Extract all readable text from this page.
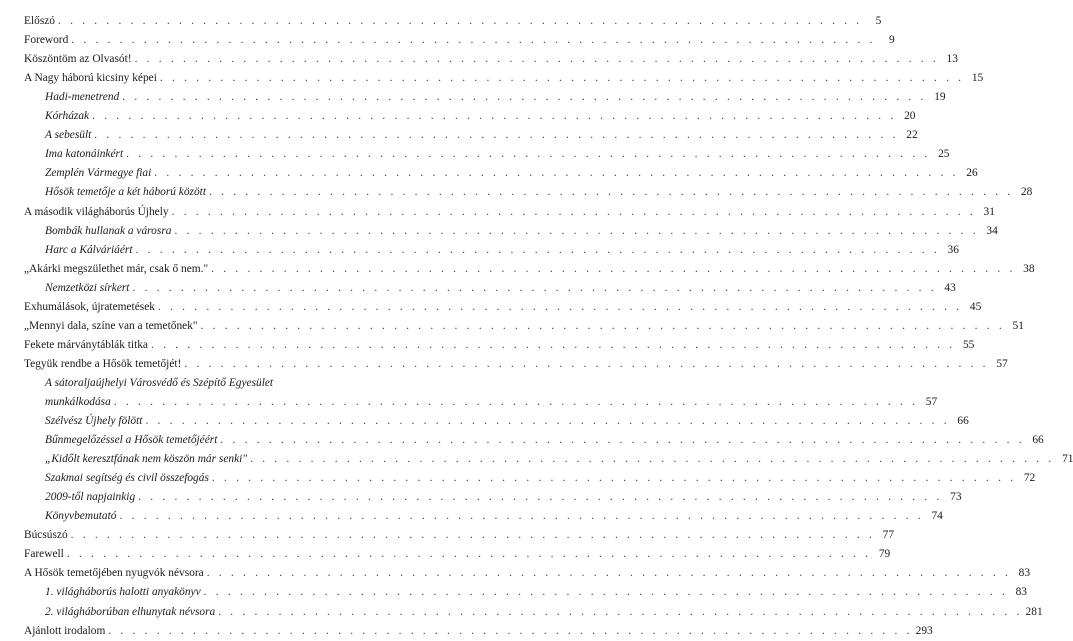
Előszó . . . . . . . . . . . . . . . . . . . . . . . . . . . . . . . . . . . . . . . . . . . . . . . . . . . . . . . . . . . . . . . . . . .	5
Foreword . . . . . . . . . . . . . . . . . . . . . . . . . . . . . . . . . . . . . . . . . . . . . . . . . . . . . . . . . . . . . . . . . . .	9
Köszöntöm az Olvasót! . . . . . . . . . . . . . . . . . . . . . . . . . . . . . . . . . . . . . . . . . . . . . . . . . . . . . . . . . . . . . . . . . . . 13
A Nagy háború kicsiny képei . . . . . . . . . . . . . . . . . . . . . . . . . . . . . . . . . . . . . . . . . . . . . . . . . . . . . . . . . . . . . . . . . . . 15
Hadi-menetrend . . . . . . . . . . . . . . . . . . . . . . . . . . . . . . . . . . . . . . . . . . . . . . . . . . . . . . . . . . . . . . . . . . . 19
Kórházak . . . . . . . . . . . . . . . . . . . . . . . . . . . . . . . . . . . . . . . . . . . . . . . . . . . . . . . . . . . . . . . . . . . 20
A sebesült . . . . . . . . . . . . . . . . . . . . . . . . . . . . . . . . . . . . . . . . . . . . . . . . . . . . . . . . . . . . . . . . . . . 22
Ima katonáinkért . . . . . . . . . . . . . . . . . . . . . . . . . . . . . . . . . . . . . . . . . . . . . . . . . . . . . . . . . . . . . . . . . . . 25
Zemplén Vármegye fiai . . . . . . . . . . . . . . . . . . . . . . . . . . . . . . . . . . . . . . . . . . . . . . . . . . . . . . . . . . . . . . . . . . . 26
Hősök temetője a két háború között . . . . . . . . . . . . . . . . . . . . . . . . . . . . . . . . . . . . . . . . . . . . . . . . . . . . . . . . . . . . . . . . . . . 28
A második világháborús Újhely . . . . . . . . . . . . . . . . . . . . . . . . . . . . . . . . . . . . . . . . . . . . . . . . . . . . . . . . . . . . . . . . . . . 31
Bombák hullanak a városra . . . . . . . . . . . . . . . . . . . . . . . . . . . . . . . . . . . . . . . . . . . . . . . . . . . . . . . . . . . . . . . . . . . 34
Harc a Kálváriáért . . . . . . . . . . . . . . . . . . . . . . . . . . . . . . . . . . . . . . . . . . . . . . . . . . . . . . . . . . . . . . . . . . . 36
„Akárki megszülethet már, csak ő nem." . . . . . . . . . . . . . . . . . . . . . . . . . . . . . . . . . . . . . . . . . . . . . . . . . . . . . . . . . . . . . . . . . . . 38
Nemzetközi sírkert . . . . . . . . . . . . . . . . . . . . . . . . . . . . . . . . . . . . . . . . . . . . . . . . . . . . . . . . . . . . . . . . . . . 43
Exhumálások, újratemetések . . . . . . . . . . . . . . . . . . . . . . . . . . . . . . . . . . . . . . . . . . . . . . . . . . . . . . . . . . . . . . . . . . . 45
„Mennyi dala, színe van a temetőnek" . . . . . . . . . . . . . . . . . . . . . . . . . . . . . . . . . . . . . . . . . . . . . . . . . . . . . . . . . . . . . . . . . . . 51
Fekete márványtáblák titka . . . . . . . . . . . . . . . . . . . . . . . . . . . . . . . . . . . . . . . . . . . . . . . . . . . . . . . . . . . . . . . . . . . 55
Tegyük rendbe a Hősök temetőjét! . . . . . . . . . . . . . . . . . . . . . . . . . . . . . . . . . . . . . . . . . . . . . . . . . . . . . . . . . . . . . . . . . . . 57
A sátoraljaújhelyi Városvédő és Szépítő Egyesület
munkálkodása . . . . . . . . . . . . . . . . . . . . . . . . . . . . . . . . . . . . . . . . . . . . . . . . . . . . . . . . . . . . . . . . . . . 57
Szélvész Újhely fölött . . . . . . . . . . . . . . . . . . . . . . . . . . . . . . . . . . . . . . . . . . . . . . . . . . . . . . . . . . . . . . . . . . . 66
Bűnmegelőzéssel a Hősök temetőjéért . . . . . . . . . . . . . . . . . . . . . . . . . . . . . . . . . . . . . . . . . . . . . . . . . . . . . . . . . . . . . . . . . . . 66
„Kidőlt keresztfának nem köszön már senki" . . . . . . . . . . . . . . . . . . . . . . . . . . . . . . . . . . . . . . . . . . . . . . . . . . . . . . . . . . . . . . . . . . . 71
Szakmai segítség és civil összefogás . . . . . . . . . . . . . . . . . . . . . . . . . . . . . . . . . . . . . . . . . . . . . . . . . . . . . . . . . . . . . . . . . . . 72
2009-től napjainkig . . . . . . . . . . . . . . . . . . . . . . . . . . . . . . . . . . . . . . . . . . . . . . . . . . . . . . . . . . . . . . . . . . . 73
Könyvbemutató . . . . . . . . . . . . . . . . . . . . . . . . . . . . . . . . . . . . . . . . . . . . . . . . . . . . . . . . . . . . . . . . . . . 74
Búcsúszó . . . . . . . . . . . . . . . . . . . . . . . . . . . . . . . . . . . . . . . . . . . . . . . . . . . . . . . . . . . . . . . . . . . 77
Farewell . . . . . . . . . . . . . . . . . . . . . . . . . . . . . . . . . . . . . . . . . . . . . . . . . . . . . . . . . . . . . . . . . . . 79
A Hősök temetőjében nyugvók névsora . . . . . . . . . . . . . . . . . . . . . . . . . . . . . . . . . . . . . . . . . . . . . . . . . . . . . . . . . . . . . . . . . . . 83
1. világháborús halotti anyakönyv . . . . . . . . . . . . . . . . . . . . . . . . . . . . . . . . . . . . . . . . . . . . . . . . . . . . . . . . . . . . . . . . . . . 83
2. világháborúban elhunytak névsora . . . . . . . . . . . . . . . . . . . . . . . . . . . . . . . . . . . . . . . . . . . . . . . . . . . . . . . . . . . . . . . . . . . 281
Ajánlott irodalom . . . . . . . . . . . . . . . . . . . . . . . . . . . . . . . . . . . . . . . . . . . . . . . . . . . . . . . . . . . . . . . . . . . 293
